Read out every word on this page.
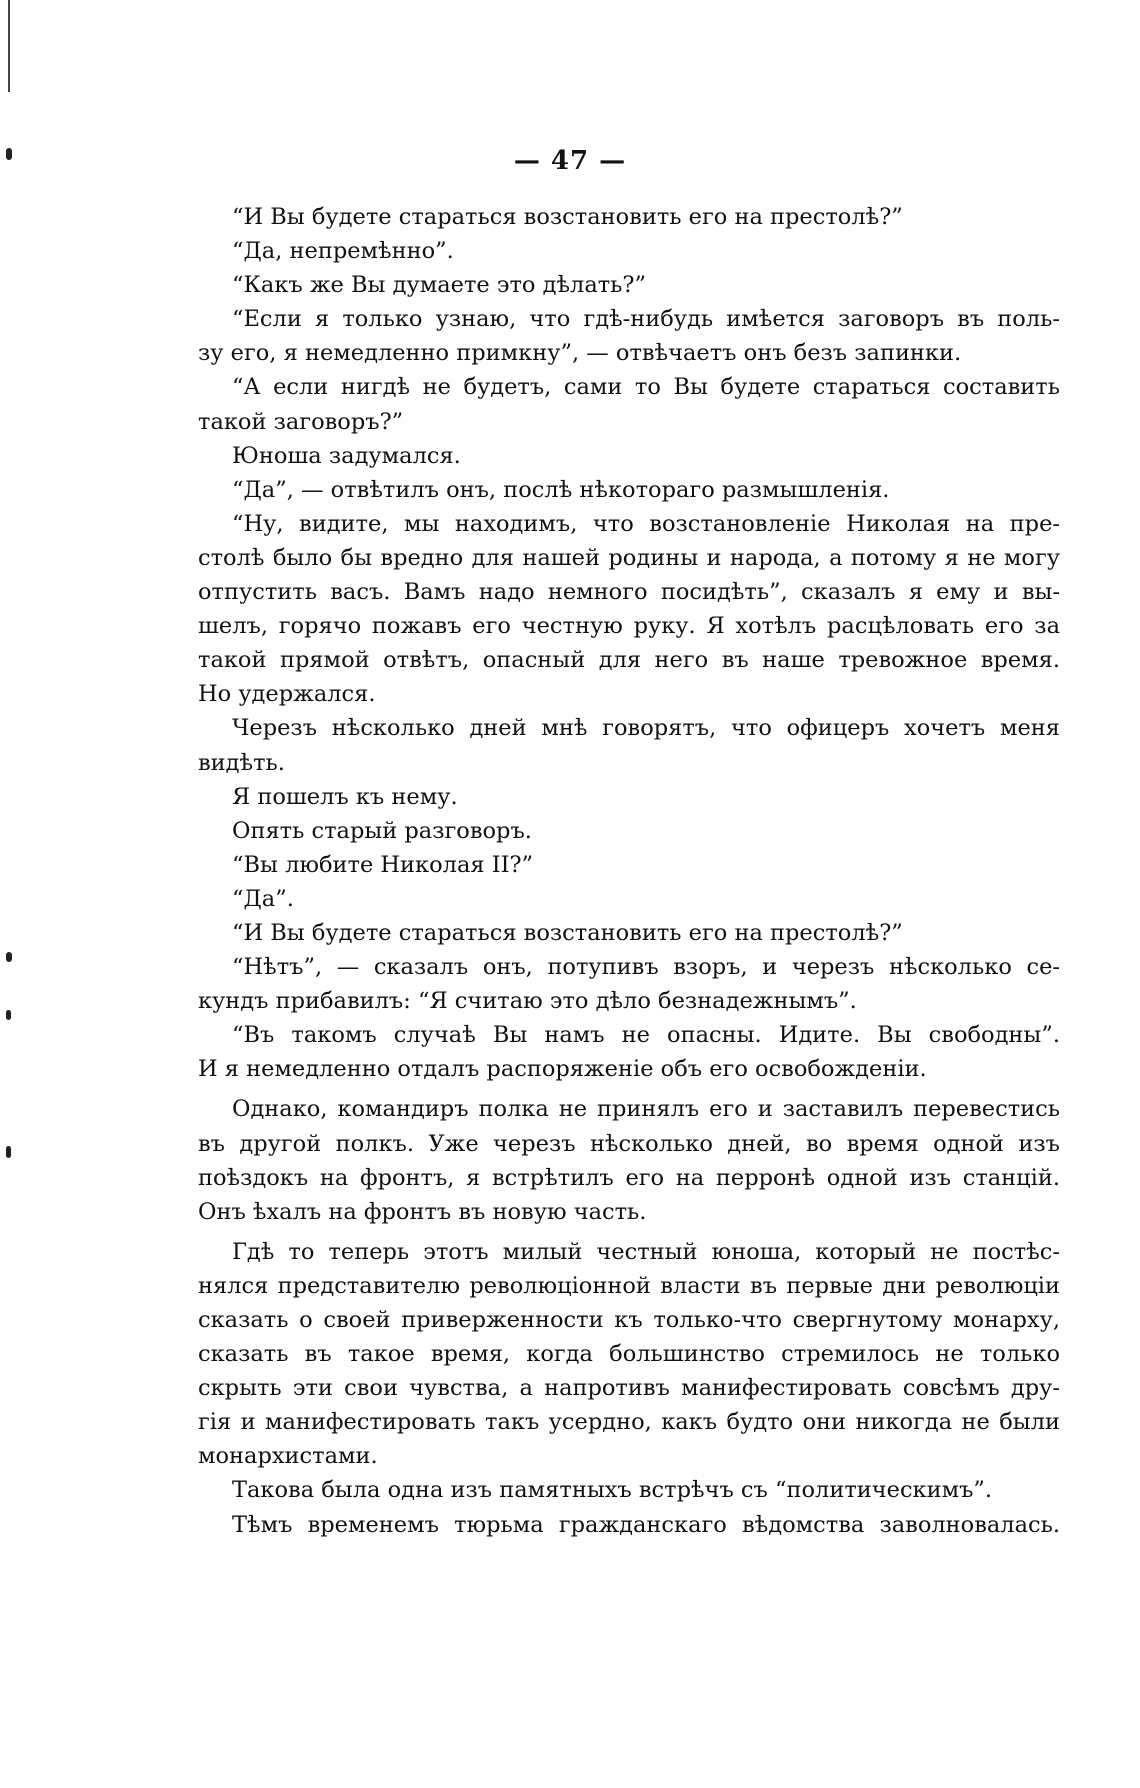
— 47 —
“И Вы будете стараться возстановить его на престолѣ?”
“Да, непремѣнно”.
“Какъ же Вы думаете это дѣлать?”
“Если я только узнаю, что гдѣ-нибудь имѣется заговоръ въ поль-
зу его, я немедленно примкну”, — отвѣчаетъ онъ безъ запинки.
“А если нигдѣ не будетъ, сами то Вы будете стараться составить
такой заговоръ?”
Юноша задумался.
“Да”, — отвѣтилъ онъ, послѣ нѣкотораго размышленія.
“Ну, видите, мы находимъ, что возстановленіе Николая на пре-
столѣ было бы вредно для нашей родины и народа, а потому я не могу
отпустить васъ. Вамъ надо немного посидѣть”, сказалъ я ему и вы-
шелъ, горячо пожавъ его честную руку. Я хотѣлъ расцѣловать его за
такой прямой отвѣтъ, опасный для него въ наше тревожное время.
Но удержался.
Черезъ нѣсколько дней мнѣ говорятъ, что офицеръ хочетъ меня
видѣть.
Я пошелъ къ нему.
Опять старый разговоръ.
“Вы любите Николая II?”
“Да”.
“И Вы будете стараться возстановить его на престолѣ?”
“Нѣтъ”, — сказалъ онъ, потупивъ взоръ, и черезъ нѣсколько се-
кундъ прибавилъ: “Я считаю это дѣло безнадежнымъ”.
“Въ такомъ случаѣ Вы намъ не опасны. Идите. Вы свободны”.
И я немедленно отдалъ распоряженіе объ его освобожденіи.
Однако, командиръ полка не принялъ его и заставилъ перевестись
въ другой полкъ. Уже черезъ нѣсколько дней, во время одной изъ
поѣздокъ на фронтъ, я встрѣтилъ его на перронѣ одной изъ станцій.
Онъ ѣхалъ на фронтъ въ новую часть.
Гдѣ то теперь этотъ милый честный юноша, который не постѣс-
нялся представителю революціонной власти въ первые дни революціи
сказать о своей приверженности къ только-что свергнутому монарху,
сказать въ такое время, когда большинство стремилось не только
скрыть эти свои чувства, а напротивъ манифестировать совсѣмъ дру-
гія и манифестировать такъ усердно, какъ будто они никогда не были
монархистами.
Такова была одна изъ памятныхъ встрѣчъ съ “политическимъ”.
Тѣмъ временемъ тюрьма гражданскаго вѣдомства заволновалась.
